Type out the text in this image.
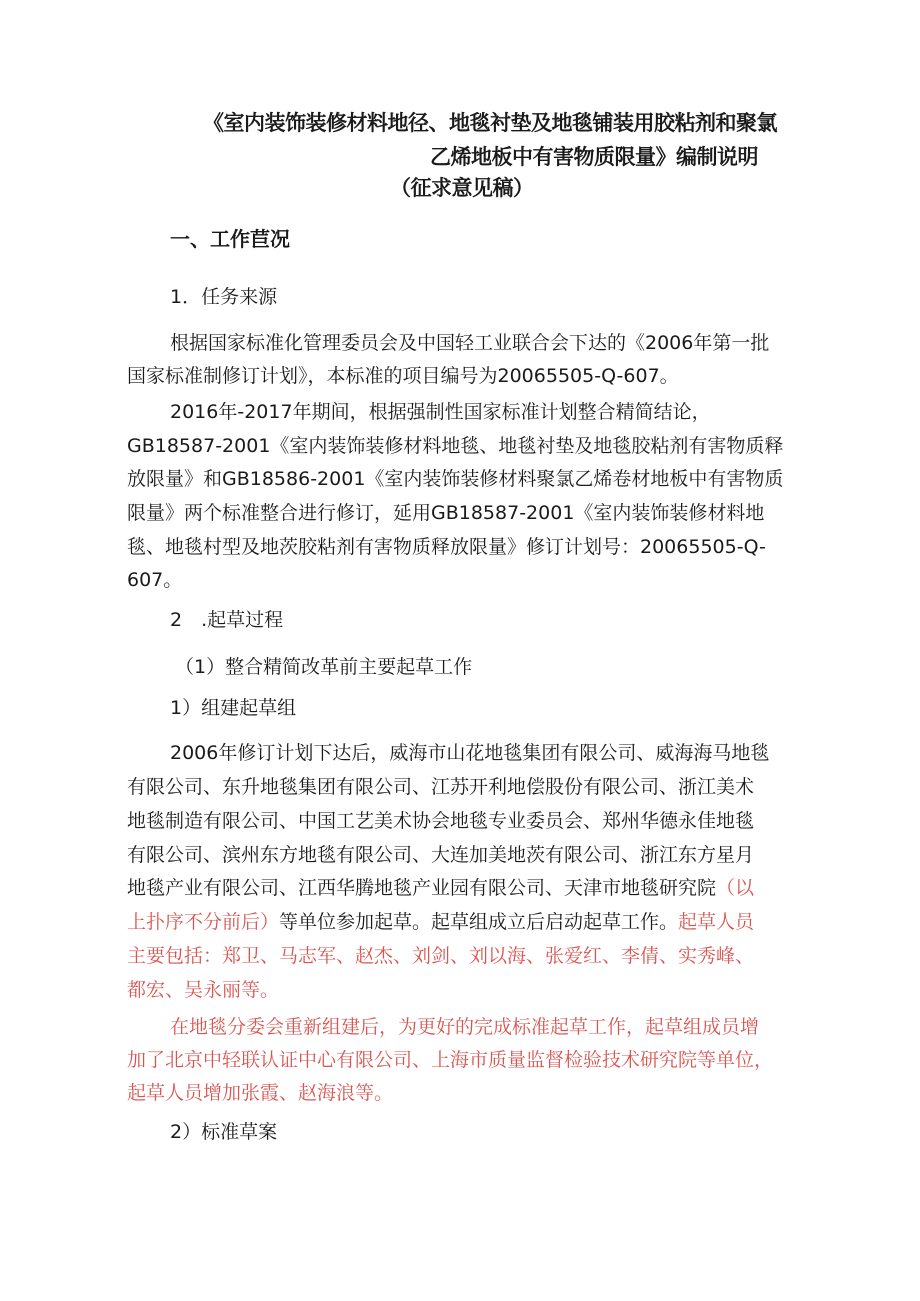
《室内装饰装修材料地径、地毯衬垫及地毯铺装用胶粘剂和聚氯
乙烯地板中有害物质限量》编制说明
（征求意见稿）
一、工作苣况
1．任务来源
根据国家标准化管理委员会及中国轻工业联合会下达的《2006年第一批
国家标准制修订计划》，本标准的项目编号为20065505-Q-607。
2016年-2017年期间，根据强制性国家标准计划整合精简结论，
GB18587-2001《室内装饰装修材料地毯、地毯衬垫及地毯胶粘剂有害物质释
放限量》和GB18586-2001《室内装饰装修材料聚氯乙烯卷材地板中有害物质
限量》两个标准整合进行修订，延用GB18587-2001《室内装饰装修材料地
毯、地毯村型及地茨胶粘剂有害物质释放限量》修订计划号：20065505-Q-
607。
2　.起草过程
（1）整合精简改革前主要起草工作
1）组建起草组
2006年修订计划下达后，威海市山花地毯集团有限公司、威海海马地毯
有限公司、东升地毯集团有限公司、江苏开利地偿股份有限公司、浙江美术
地毯制造有限公司、中国工艺美术协会地毯专业委员会、郑州华德永佳地毯
有限公司、滨州东方地毯有限公司、大连加美地茨有限公司、浙江东方星月
地毯产业有限公司、江西华腾地毯产业园有限公司、天津市地毯研究院（以
上扑序不分前后）等单位参加起草。起草组成立后启动起草工作。起草人员
主要包括：郑卫、马志军、赵杰、刘剑、刘以海、张爱红、李倩、实秀峰、
都宏、吴永丽等。
在地毯分委会重新组建后，为更好的完成标准起草工作，起草组成员增
加了北京中轻联认证中心有限公司、上海市质量监督检验技术研究院等单位，
起草人员增加张霞、赵海浪等。
2）标准草案
